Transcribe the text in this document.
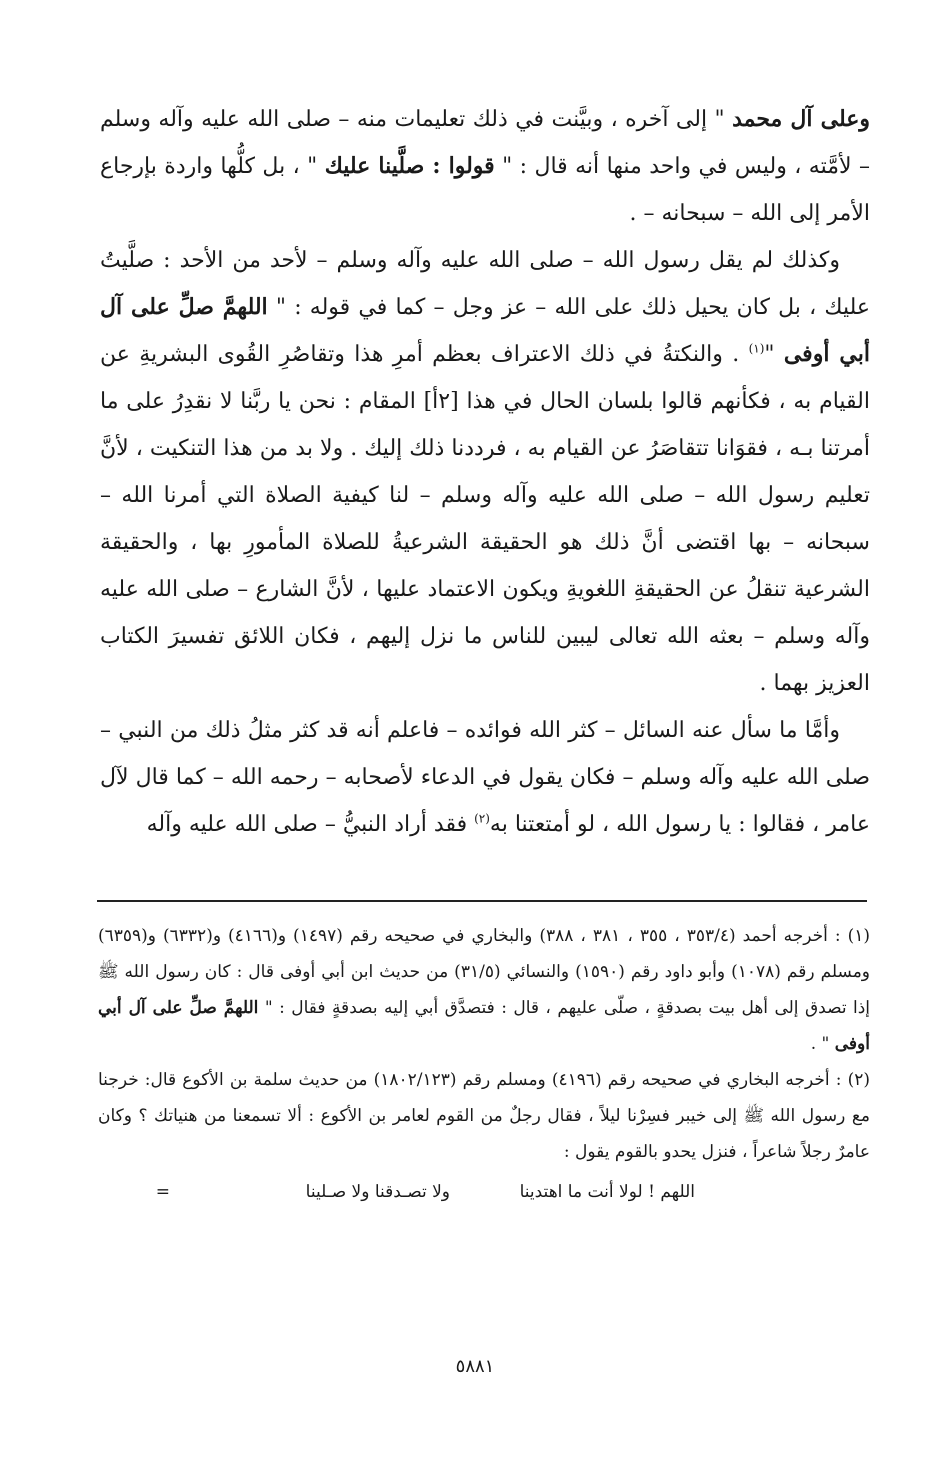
وعلى آل محمد " إلى آخره ، وبيَّنت في ذلك تعليمات منه – صلى الله عليه وآله وسلم – لأمَّته ، وليس في واحد منها أنه قال : " قولوا : صلَّينا عليك " ، بل كلُّها واردة بإرجاع الأمر إلى الله – سبحانه – .

وكذلك لم يقل رسول الله – صلى الله عليه وآله وسلم – لأحد من الأحد : صلَّيتُ عليك ، بل كان يحيل ذلك على الله – عز وجل – كما في قوله : " اللهمَّ صلِّ على آل أبي أوفى "$^{(١)}$ . والنكتةُ في ذلك الاعتراف بعظم أمرِ هذا وتقاصُرِ القُوى البشريةِ عن القيام به ، فكأنهم قالوا بلسان الحال في هذا [٢أ] المقام : نحن يا ربَّنا لا نقدِرُ على ما أمرتنا بـه ، فقوَانا تتقاصَرُ عن القيام به ، فرددنا ذلك إليك . ولا بد من هذا التنكيت ، لأنَّ تعليم رسول الله – صلى الله عليه وآله وسلم – لنا كيفية الصلاة التي أمرنا الله – سبحانه – بها اقتضى أنَّ ذلك هو الحقيقة الشرعيةُ للصلاة المأمورِ بها ، والحقيقة الشرعية تنقلُ عن الحقيقةِ اللغويةِ ويكون الاعتماد عليها ، لأنَّ الشارع – صلى الله عليه وآله وسلم – بعثه الله تعالى ليبين للناس ما نزل إليهم ، فكان اللائق تفسيرَ الكتاب العزيز بهما .

وأمَّا ما سأل عنه السائل – كثر الله فوائده – فاعلم أنه قد كثر مثلُ ذلك من النبي – صلى الله عليه وآله وسلم – فكان يقول في الدعاء لأصحابه – رحمه الله – كما قال لآل عامر ، فقالوا : يا رسول الله ، لو أمتعتنا به$^{(٢)}$ فقد أراد النبيُّ – صلى الله عليه وآله

(١) : أخرجه أحمد (٣٥٣/٤ ، ٣٥٥ ، ٣٨١ ، ٣٨٨) والبخاري في صحيحه رقم (١٤٩٧) و(٤١٦٦) و(٦٣٣٢) و(٦٣٥٩) ومسلم رقم (١٠٧٨) وأبو داود رقم (١٥٩٠) والنسائي (٣١/٥) من حديث ابن أبي أوفى قال : كان رسول الله ﷺ إذا تصدق إلى أهل بيت بصدقةٍ ، صلّى عليهم ، قال : فتصدَّق أبي إليه بصدقةٍ فقال : " اللهمَّ صلِّ على آل أبي أوفى " .

(٢) : أخرجه البخاري في صحيحه رقم (٤١٩٦) ومسلم رقم (١٨٠٢/١٢٣) من حديث سلمة بن الأكوع قال: خرجنا مع رسول الله ﷺ إلى خيبر فسِرْنا ليلاً ، فقال رجلٌ من القوم لعامر بن الأكوع : ألا تسمعنا من هنياتك ؟ وكان عامرٌ رجلاً شاعراً ، فنزل يحدو بالقوم يقول :

اللهم ! لولا أنت ما اهتدينا
ولا تصـدقنا ولا صـلينا
=
٥٨٨١
